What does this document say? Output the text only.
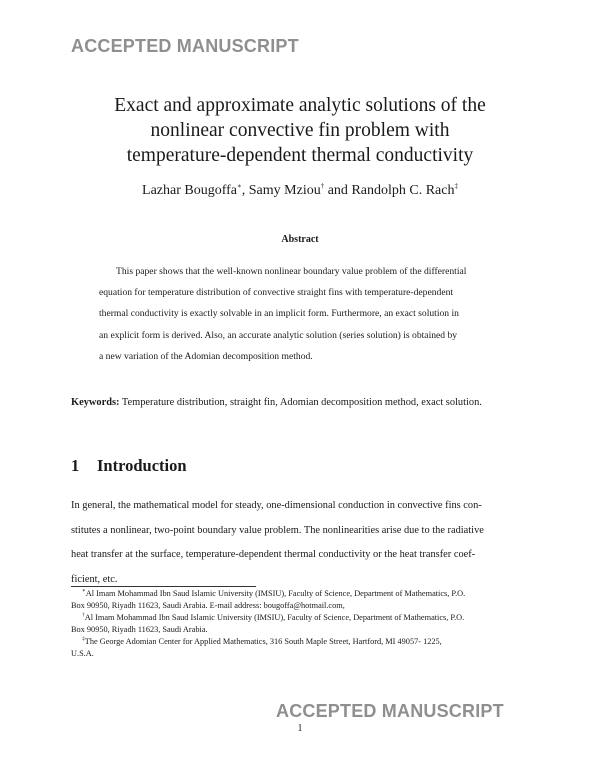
ACCEPTED MANUSCRIPT
Exact and approximate analytic solutions of the
nonlinear convective fin problem with
temperature-dependent thermal conductivity
Lazhar Bougoffa∗, Samy Mziou† and Randolph C. Rach‡
Abstract
This paper shows that the well-known nonlinear boundary value problem of the differential
equation for temperature distribution of convective straight fins with temperature-dependent
thermal conductivity is exactly solvable in an implicit form. Furthermore, an exact solution in
an explicit form is derived. Also, an accurate analytic solution (series solution) is obtained by
a new variation of the Adomian decomposition method.
Keywords: Temperature distribution, straight fin, Adomian decomposition method, exact solution.
1 Introduction
In general, the mathematical model for steady, one-dimensional conduction in convective fins con-
stitutes a nonlinear, two-point boundary value problem. The nonlinearities arise due to the radiative
heat transfer at the surface, temperature-dependent thermal conductivity or the heat transfer coef-
ficient, etc.
∗Al Imam Mohammad Ibn Saud Islamic University (IMSIU), Faculty of Science, Department of Mathematics, P.O.
Box 90950, Riyadh 11623, Saudi Arabia. E-mail address: bougoffa@hotmail.com,
†Al Imam Mohammad Ibn Saud Islamic University (IMSIU), Faculty of Science, Department of Mathematics, P.O.
Box 90950, Riyadh 11623, Saudi Arabia.
‡The George Adomian Center for Applied Mathematics, 316 South Maple Street, Hartford, MI 49057- 1225,
U.S.A.
ACCEPTED MANUSCRIPT
1
